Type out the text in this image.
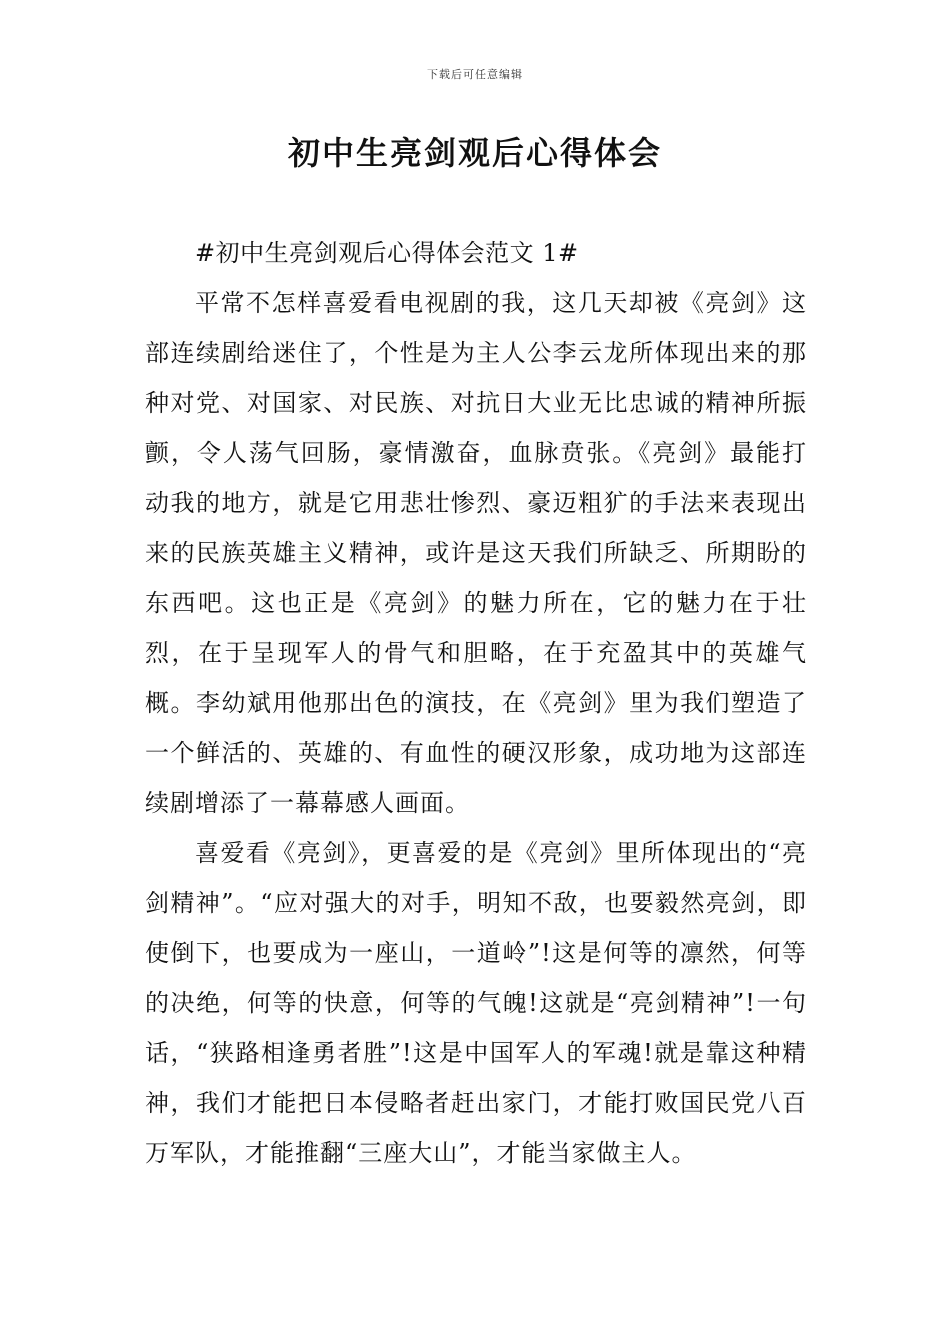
下载后可任意编辑
初中生亮剑观后心得体会

#初中生亮剑观后心得体会范文 1#

平常不怎样喜爱看电视剧的我，这几天却被《亮剑》这部连续剧给迷住了，个性是为主人公李云龙所体现出来的那种对党、对国家、对民族、对抗日大业无比忠诚的精神所振颤，令人荡气回肠，豪情激奋，血脉贲张。《亮剑》最能打动我的地方，就是它用悲壮惨烈、豪迈粗犷的手法来表现出来的民族英雄主义精神，或许是这天我们所缺乏、所期盼的东西吧。这也正是《亮剑》的魅力所在，它的魅力在于壮烈，在于呈现军人的骨气和胆略，在于充盈其中的英雄气概。李幼斌用他那出色的演技，在《亮剑》里为我们塑造了一个鲜活的、英雄的、有血性的硬汉形象，成功地为这部连续剧增添了一幕幕感人画面。

喜爱看《亮剑》，更喜爱的是《亮剑》里所体现出的“亮剑精神”。“应对强大的对手，明知不敌，也要毅然亮剑，即使倒下，也要成为一座山，一道岭”!这是何等的凛然，何等的决绝，何等的快意，何等的气魄!这就是“亮剑精神”!一句话，“狭路相逢勇者胜”!这是中国军人的军魂!就是靠这种精神，我们才能把日本侵略者赶出家门，才能打败国民党八百万军队，才能推翻“三座大山”，才能当家做主人。
